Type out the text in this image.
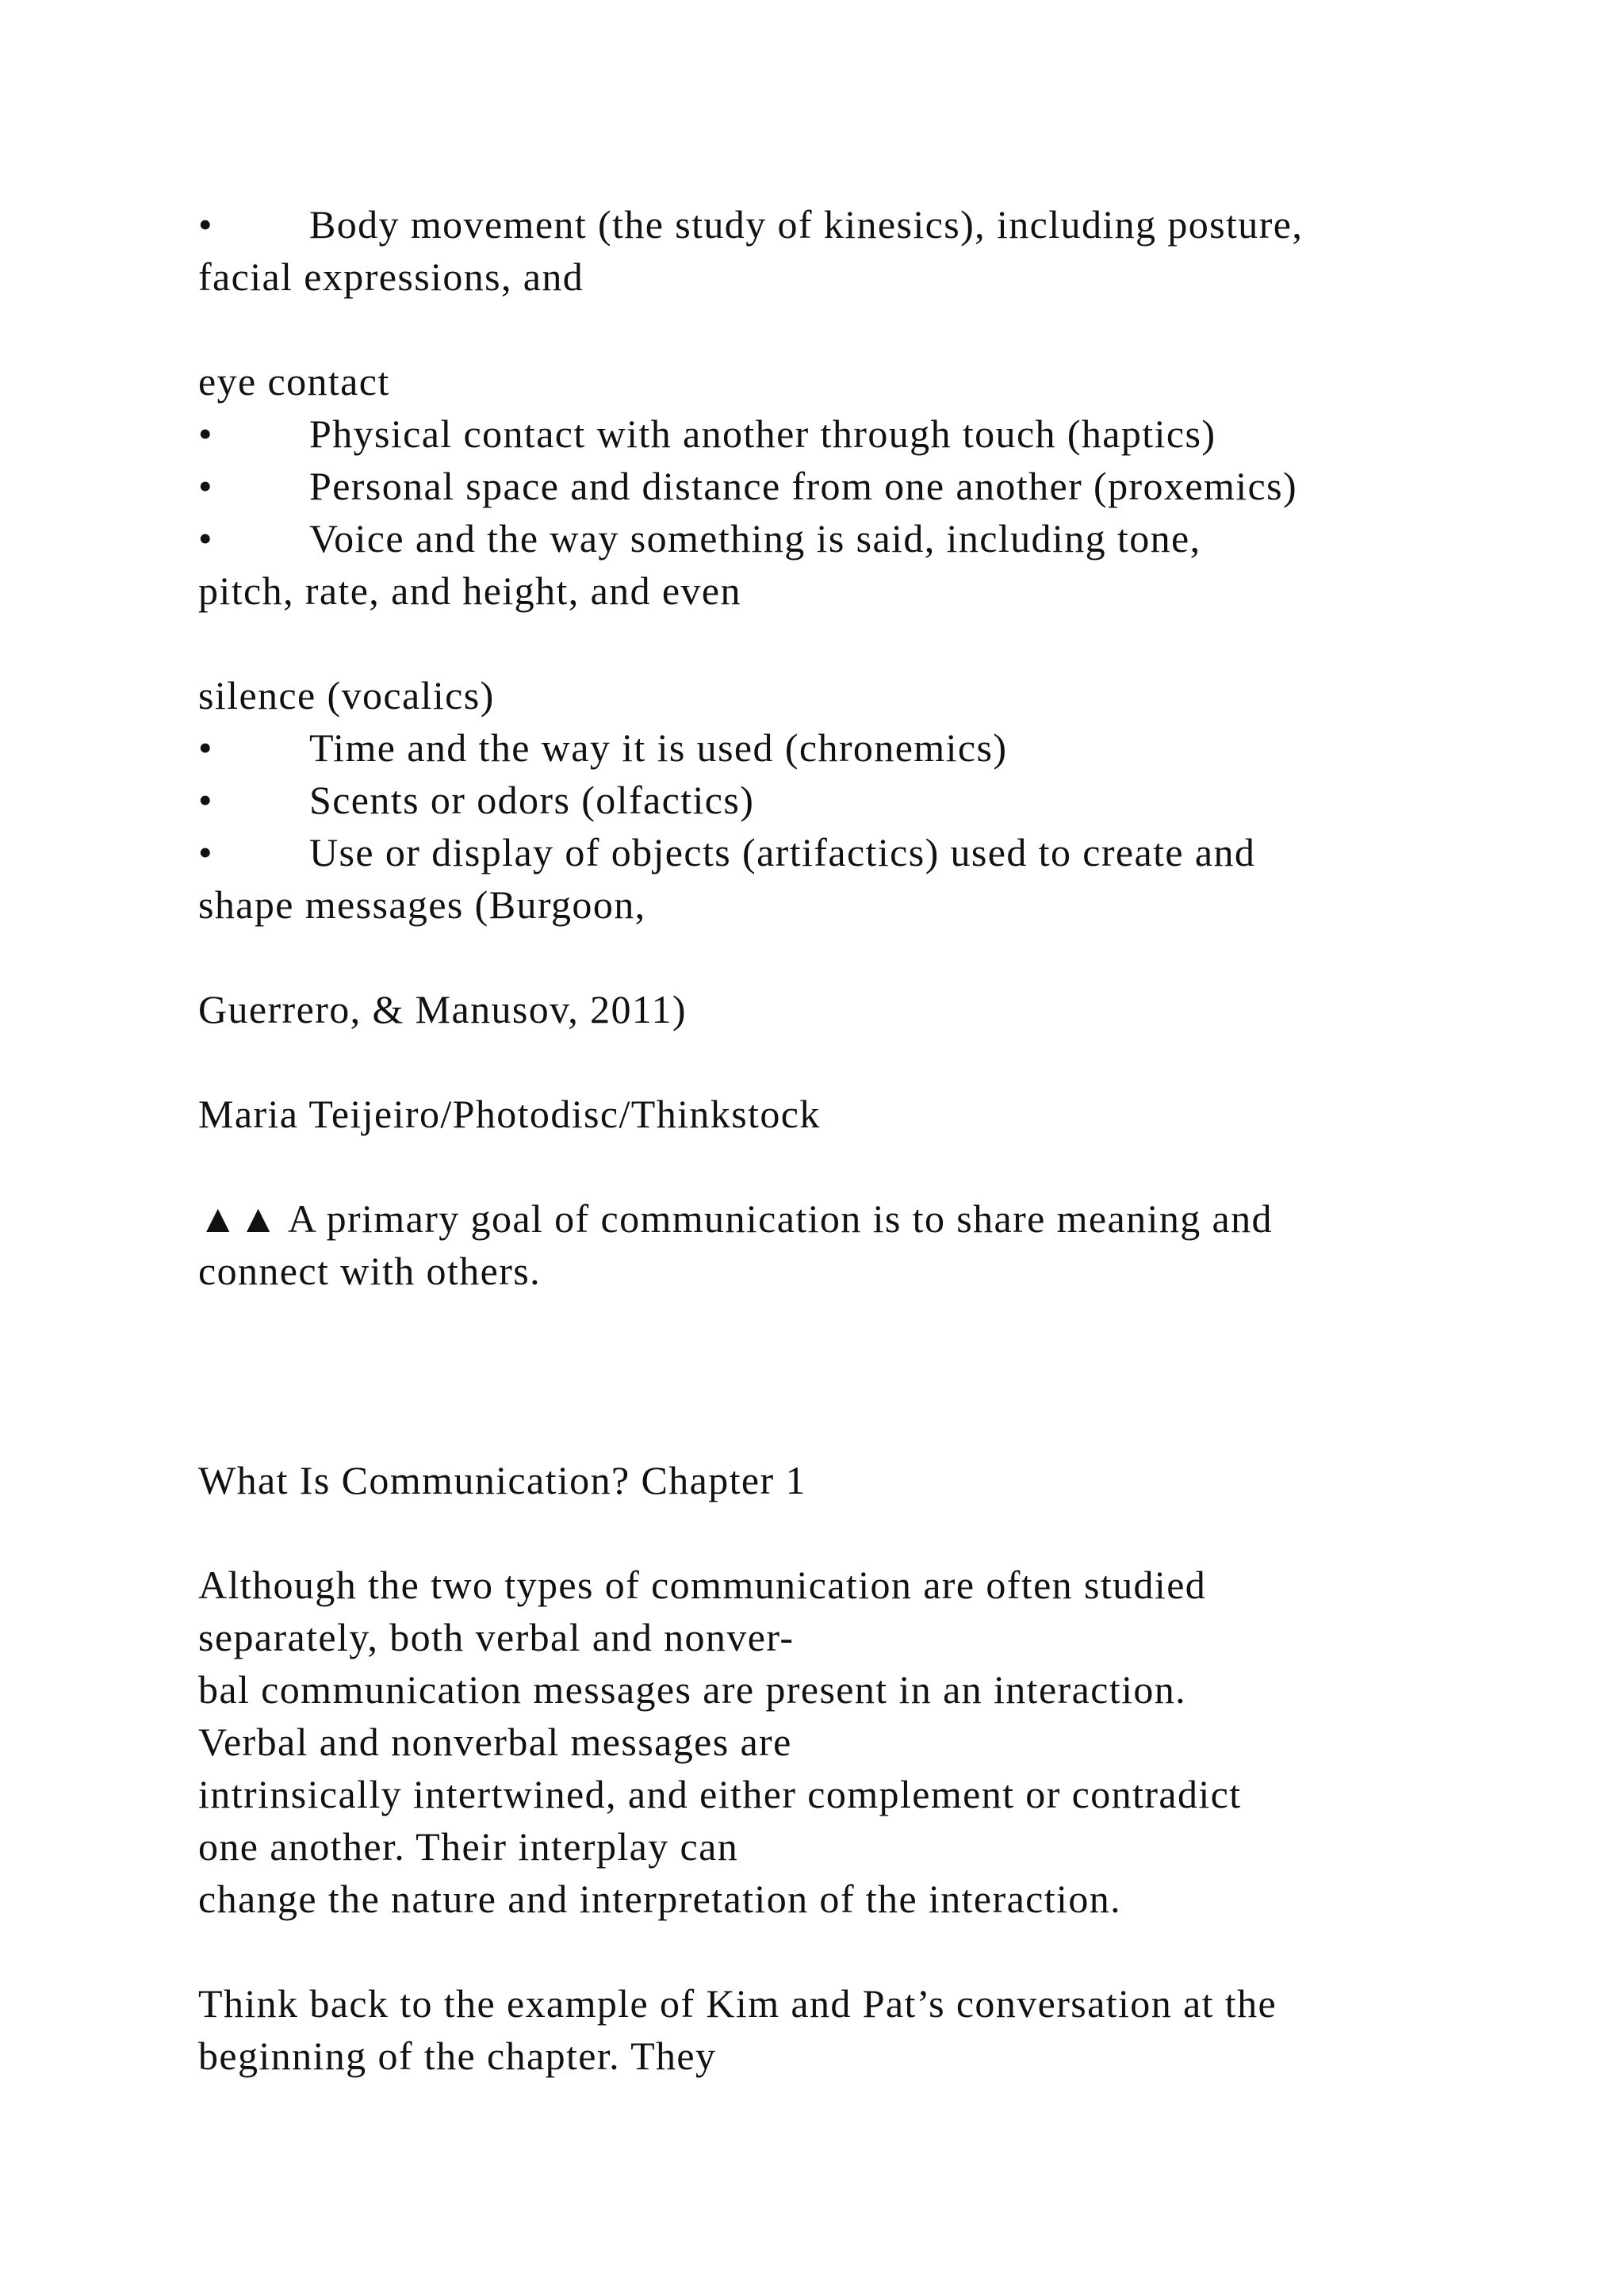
• Body movement (the study of kinesics), including posture,

facial expressions, and

eye contact

• Physical contact with another through touch (haptics)

• Personal space and distance from one another (proxemics)

• Voice and the way something is said, including tone,

pitch, rate, and height, and even

silence (vocalics)

• Time and the way it is used (chronemics)

• Scents or odors (olfactics)

• Use or display of objects (artifactics) used to create and

shape messages (Burgoon,

Guerrero, & Manusov, 2011)

Maria Teijeiro/Photodisc/Thinkstock

▲▲ A primary goal of communication is to share meaning and

connect with others.

What Is Communication? Chapter 1

Although the two types of communication are often studied

separately, both verbal and nonver-

bal communication messages are present in an interaction.

Verbal and nonverbal messages are

intrinsically intertwined, and either complement or contradict

one another. Their interplay can

change the nature and interpretation of the interaction.

Think back to the example of Kim and Pat’s conversation at the

beginning of the chapter. They
